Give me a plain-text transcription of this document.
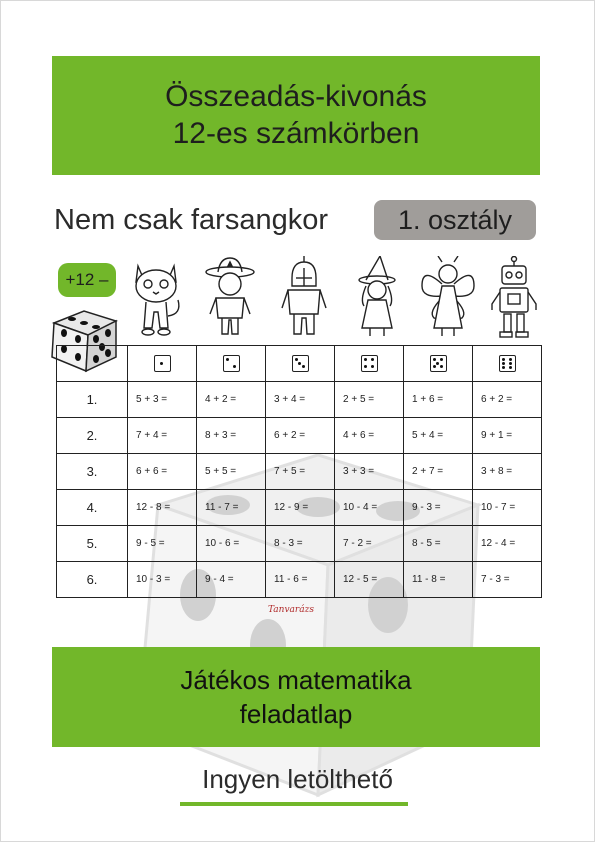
Összeadás-kivonás
12-es számkörben
Nem csak farsangkor	1. osztály
+12 –

1.	5 + 3 =	4 + 2 =	3 + 4 =	2 + 5 =	1 + 6 =	6 + 2 =
2.	7 + 4 =	8 + 3 =	6 + 2 =	4 + 6 =	5 + 4 =	9 + 1 =
3.	6 + 6 =	5 + 5 =	7 + 5 =	3 + 3 =	2 + 7 =	3 + 8 =
4.	12 - 8 =	11 - 7 =	12 - 9 =	10 - 4 =	9 - 3 =	10 - 7 =
5.	9 - 5 =	10 - 6 =	8 - 3 =	7 - 2 =	8 - 5 =	12 - 4 =
6.	10 - 3 =	9 - 4 =	11 - 6 =	12 - 5 =	11 - 8 =	7 - 3 =
Tanvarázs
Játékos matematika
feladatlap
Ingyen letölthető
